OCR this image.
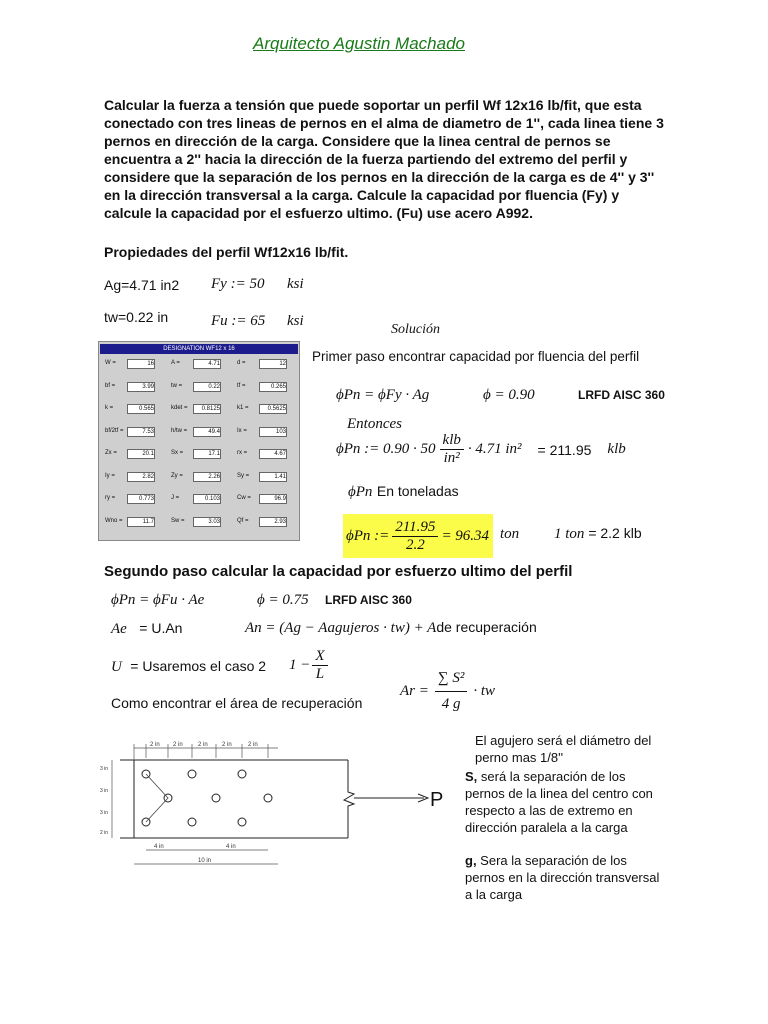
Arquitecto Agustin Machado
Calcular la fuerza a tensión que puede soportar un perfil Wf 12x16 lb/fit, que esta conectado con tres lineas de pernos en el alma de diametro de 1'', cada linea tiene 3 pernos en dirección de la carga. Considere que la linea central de pernos se encuentra a 2'' hacia la dirección de la fuerza partiendo del extremo del perfil y considere que la separación de los pernos en la dirección de la carga es de 4'' y 3'' en la dirección transversal a la carga. Calcule la capacidad por fluencia (Fy) y calcule la capacidad por el esfuerzo ultimo. (Fu) use acero A992.
Propiedades del perfil Wf12x16 lb/fit.
Ag=4.71 in2
tw=0.22 in
Fy := 50 ksi
Fu := 65 ksi
DESIGNATION WF12 x 16
W =	16	A =	4.71	d =	12
bf =	3.99	tw =	0.22	tf =	0.265
k =	0.565	kdet =	0.8125	k1 =	0.5625
bf/2tf =	7.53	h/tw =	49.4	Ix =	103
Zx =	20.1	Sx =	17.1	rx =	4.67
Iy =	2.82	Zy =	2.26	Sy =	1.41
ry =	0.773	J =	0.103	Cw =	96.9
Wno =	11.7	Sw =	3.03	Qf =	2.93
Solución
Primer paso encontrar capacidad por fluencia del perfil
ϕPn = ϕFy · Ag	ϕ = 0.90	LRFD AISC 360
Entonces
ϕPn := $0.90 \cdot 50 \frac{\text{klb}}{\text{in²}} \cdot 4.71$ in² = 211.95 klb
ϕPn En toneladas
ϕPn := $\frac{211.95}{2.2} = 96.34$ ton 1 ton = 2.2 klb
Segundo paso calcular la capacidad por esfuerzo ultimo del perfil
ϕPn = ϕFu · Ae	ϕ = 0.75 LRFD AISC 360
Ae = U.An	An = (Ag − Aagujeros · tw) + Ade recuperación
U = Usaremos el caso 2 $1 - \frac{X}{L}$
Como encontrar el área de recuperación
$Ar = \frac{\text{∑ S²}}{4 g}$ · tw
El agujero será el diámetro del perno mas 1/8''
S, será la separación de los pernos de la linea del centro con respecto a las de extremo en dirección paralela a la carga
g, Sera la separación de los pernos en la dirección transversal a la carga
4 in	4 in
10 in
P
2 in 2 in	2 in 2 in	2 in
3 in
3 in
3 in
2 in
